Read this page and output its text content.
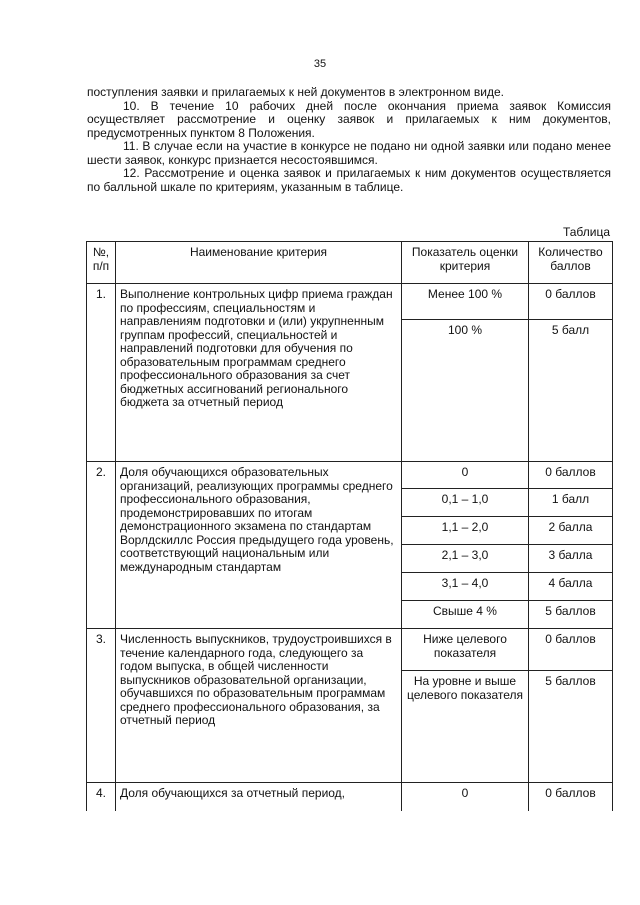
35

поступления заявки и прилагаемых к ней документов в электронном виде.

10. В течение 10 рабочих дней после окончания приема заявок Комиссия осуществляет рассмотрение и оценку заявок и прилагаемых к ним документов, предусмотренных пунктом 8 Положения.

11. В случае если на участие в конкурсе не подано ни одной заявки или подано менее шести заявок, конкурс признается несостоявшимся.

12. Рассмотрение и оценка заявок и прилагаемых к ним документов осуществляется по балльной шкале по критериям, указанным в таблице.

Таблица
№, п/п	Наименование критерия	Показатель оценки критерия	Количество баллов
1.	Выполнение контрольных цифр приема граждан по профессиям, специальностям и направлениям подготовки и (или) укрупненным группам профессий, специальностей и направлений подготовки для обучения по образовательным программам среднего профессионального образования за счет бюджетных ассигнований регионального бюджета за отчетный период	Менее 100 %	0 баллов
		100 %	5 балл
2.	Доля обучающихся образовательных организаций, реализующих программы среднего профессионального образования, продемонстрировавших по итогам демонстрационного экзамена по стандартам Ворлдскиллс Россия предыдущего года уровень, соответствующий национальным или международным стандартам	0	0 баллов
		0,1 – 1,0	1 балл
		1,1 – 2,0	2 балла
		2,1 – 3,0	3 балла
		3,1 – 4,0	4 балла
		Свыше 4 %	5 баллов
3.	Численность выпускников, трудоустроившихся в течение календарного года, следующего за годом выпуска, в общей численности выпускников образовательной организации, обучавшихся по образовательным программам среднего профессионального образования, за отчетный период	Ниже целевого показателя	0 баллов
		На уровне и выше целевого показателя	5 баллов
4.	Доля обучающихся за отчетный период,	0	0 баллов
